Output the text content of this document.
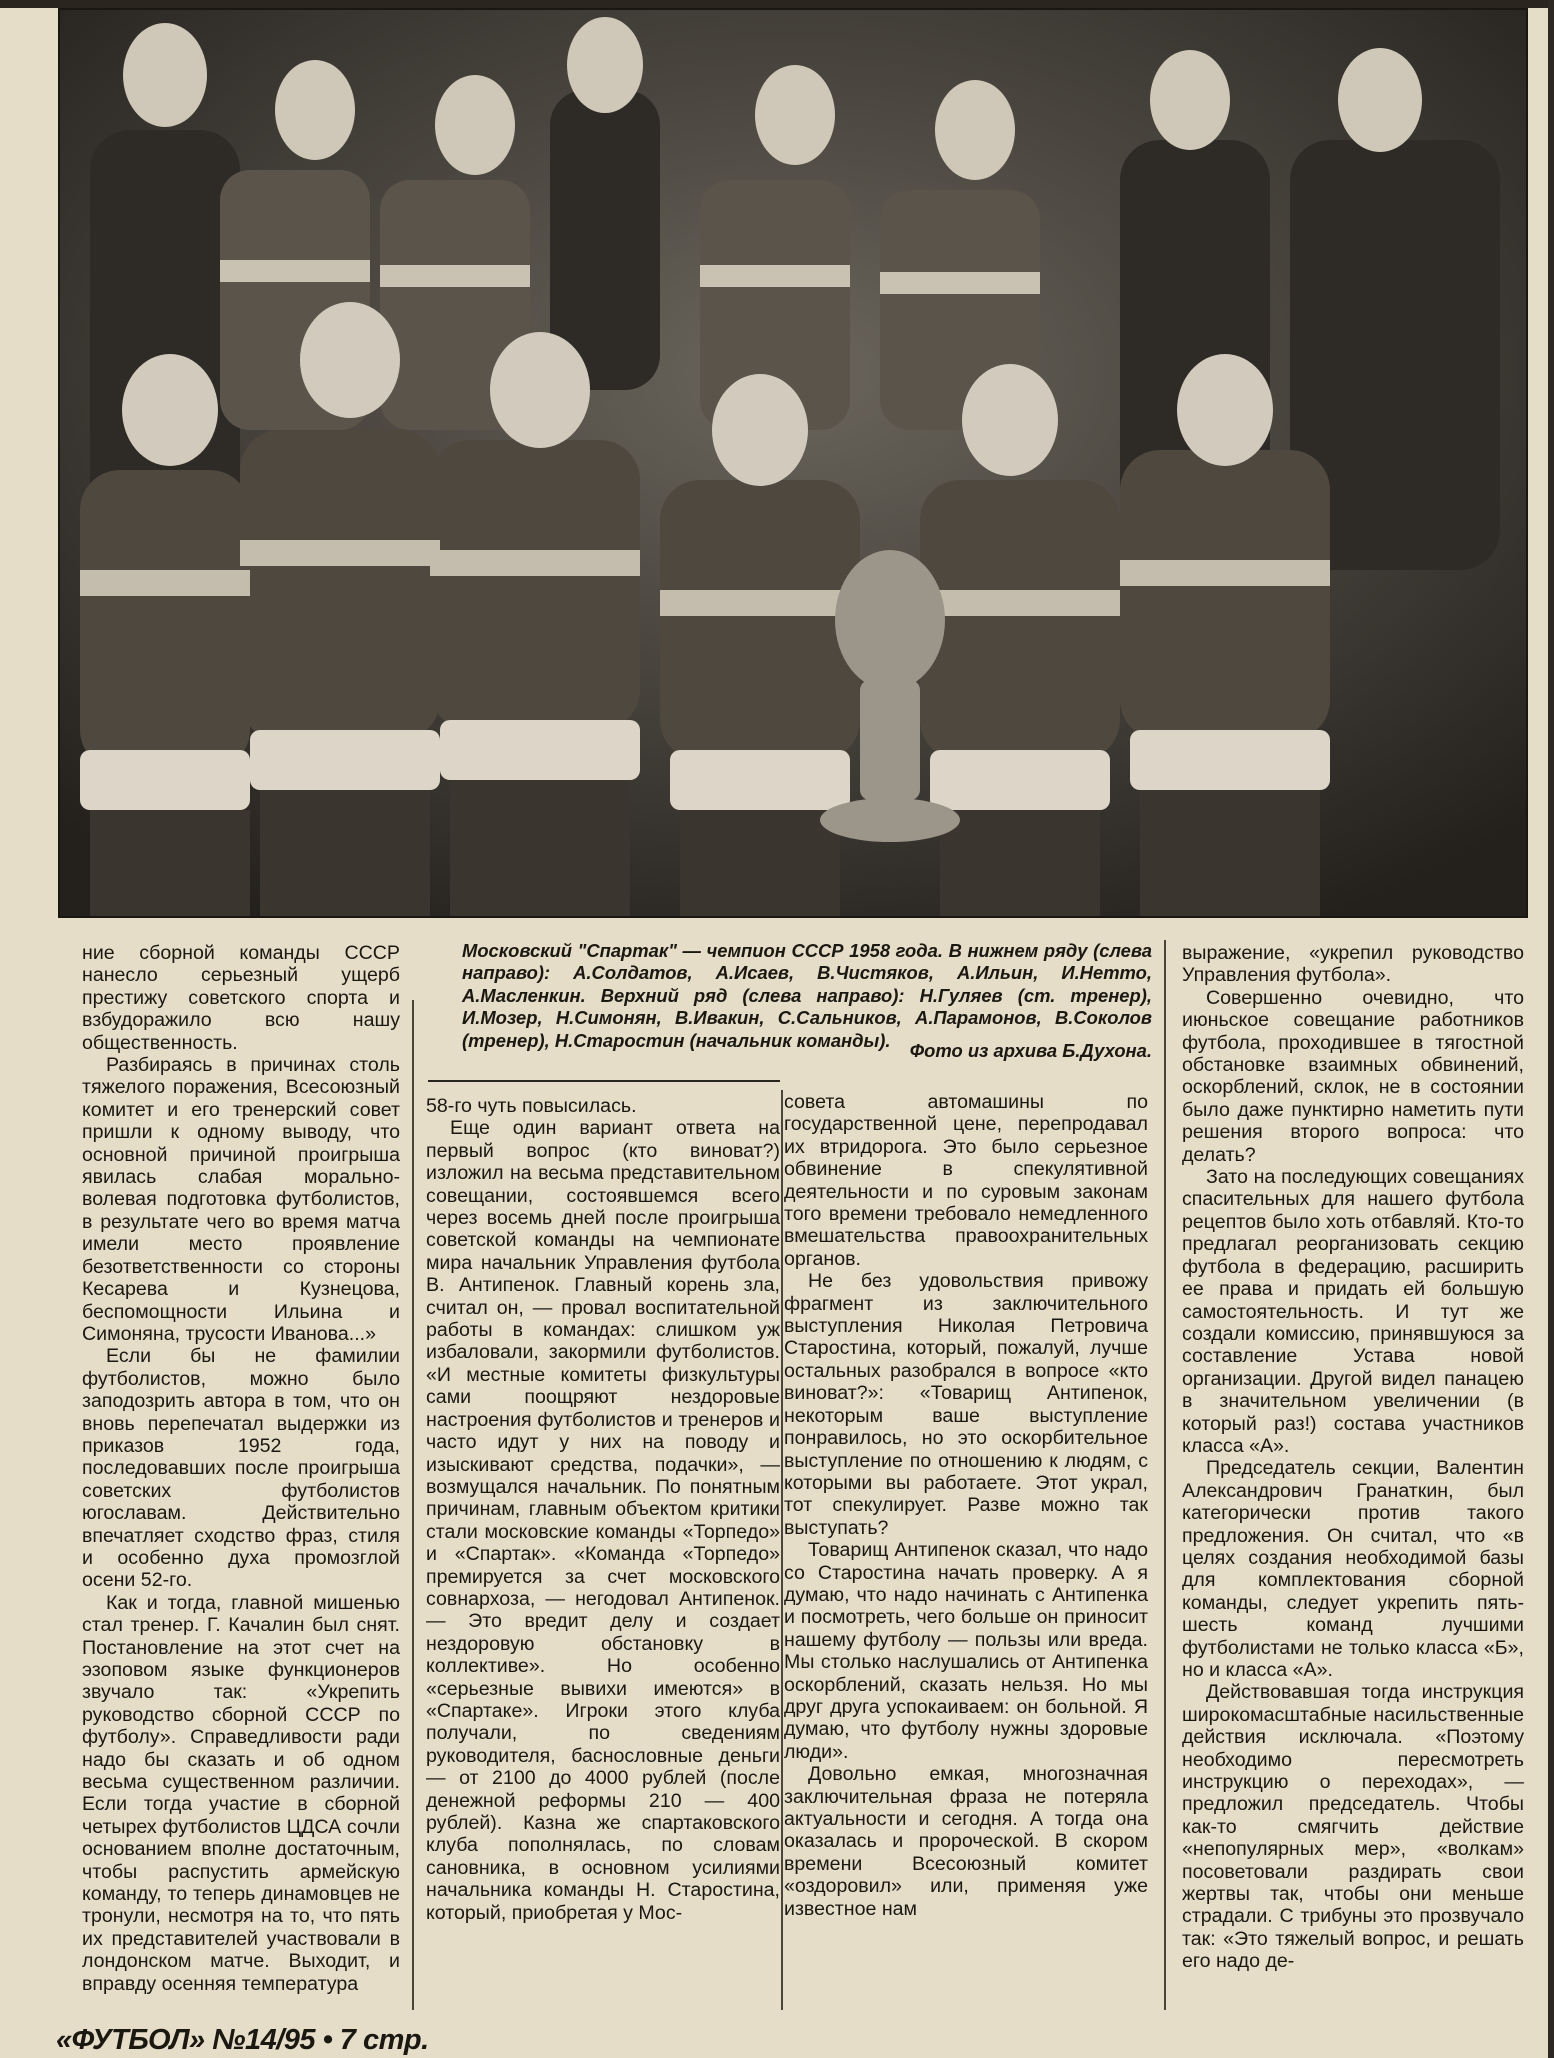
ние сборной команды СССР нанесло серьезный ущерб престижу советского спорта и взбудоражило всю нашу общественность.

Разбираясь в причинах столь тяжелого поражения, Всесоюзный комитет и его тренерский совет пришли к одному выводу, что основной причиной проигрыша явилась слабая морально-волевая подготовка футболистов, в результате чего во время матча имели место проявление безответственности со стороны Кесарева и Кузнецова, беспомощности Ильина и Симоняна, трусости Иванова...»

Если бы не фамилии футболистов, можно было заподозрить автора в том, что он вновь перепечатал выдержки из приказов 1952 года, последовавших после проигрыша советских футболистов югославам. Действительно впечатляет сходство фраз, стиля и особенно духа промозглой осени 52-го.

Как и тогда, главной мишенью стал тренер. Г. Качалин был снят. Постановление на этот счет на эзоповом языке функционеров звучало так: «Укрепить руководство сборной СССР по футболу». Справедливости ради надо бы сказать и об одном весьма существенном различии. Если тогда участие в сборной четырех футболистов ЦДСА сочли основанием вполне достаточным, чтобы распустить армейскую команду, то теперь динамовцев не тронули, несмотря на то, что пять их представителей участвовали в лондонском матче. Выходит, и вправду осенняя температура

Московский "Спартак" — чемпион СССР 1958 года. В нижнем ряду (слева направо): А.Солдатов, А.Исаев, В.Чистяков, А.Ильин, И.Нетто, А.Масленкин. Верхний ряд (слева направо): Н.Гуляев (ст. тренер), И.Мозер, Н.Симонян, В.Ивакин, С.Сальников, А.Парамонов, В.Соколов (тренер), Н.Старостин (начальник команды).	Фото из архива Б.Духона.

58-го чуть повысилась.

Еще один вариант ответа на первый вопрос (кто виноват?) изложил на весьма представительном совещании, состоявшемся всего через восемь дней после проигрыша советской команды на чемпионате мира начальник Управления футбола В. Антипенок. Главный корень зла, считал он, — провал воспитательной работы в командах: слишком уж избаловали, закормили футболистов. «И местные комитеты физкультуры сами поощряют нездоровые настроения футболистов и тренеров и часто идут у них на поводу и изыскивают средства, подачки», — возмущался начальник. По понятным причинам, главным объектом критики стали московские команды «Торпедо» и «Спартак». «Команда «Торпедо» премируется за счет московского совнархоза, — негодовал Антипенок. — Это вредит делу и создает нездоровую обстановку в коллективе». Но особенно «серьезные вывихи имеются» в «Спартаке». Игроки этого клуба получали, по сведениям руководителя, баснословные деньги — от 2100 до 4000 рублей (после денежной реформы 210 — 400 рублей). Казна же спартаковского клуба пополнялась, по словам сановника, в основном усилиями начальника команды Н. Старостина, который, приобретая у Мос-

совета автомашины по государственной цене, перепродавал их втридорога. Это было серьезное обвинение в спекулятивной деятельности и по суровым законам того времени требовало немедленного вмешательства правоохранительных органов.

Не без удовольствия привожу фрагмент из заключительного выступления Николая Петровича Старостина, который, пожалуй, лучше остальных разобрался в вопросе «кто виноват?»: «Товарищ Антипенок, некоторым ваше выступление понравилось, но это оскорбительное выступление по отношению к людям, с которыми вы работаете. Этот украл, тот спекулирует. Разве можно так выступать?

Товарищ Антипенок сказал, что надо со Старостина начать проверку. А я думаю, что надо начинать с Антипенка и посмотреть, чего больше он приносит нашему футболу — пользы или вреда. Мы столько наслушались от Антипенка оскорблений, сказать нельзя. Но мы друг друга успокаиваем: он больной. Я думаю, что футболу нужны здоровые люди».

Довольно емкая, многозначная заключительная фраза не потеряла актуальности и сегодня. А тогда она оказалась и пророческой. В скором времени Всесоюзный комитет «оздоровил» или, применяя уже известное нам

выражение, «укрепил руководство Управления футбола».

Совершенно очевидно, что июньское совещание работников футбола, проходившее в тягостной обстановке взаимных обвинений, оскорблений, склок, не в состоянии было даже пунктирно наметить пути решения второго вопроса: что делать?

Зато на последующих совещаниях спасительных для нашего футбола рецептов было хоть отбавляй. Кто-то предлагал реорганизовать секцию футбола в федерацию, расширить ее права и придать ей большую самостоятельность. И тут же создали комиссию, принявшуюся за составление Устава новой организации. Другой видел панацею в значительном увеличении (в который раз!) состава участников класса «А».

Председатель секции, Валентин Александрович Гранаткин, был категорически против такого предложения. Он считал, что «в целях создания необходимой базы для комплектования сборной команды, следует укрепить пять-шесть команд лучшими футболистами не только класса «Б», но и класса «А».

Действовавшая тогда инструкция широкомасштабные насильственные действия исключала. «Поэтому необходимо пересмотреть инструкцию о переходах», — предложил председатель. Чтобы как-то смягчить действие «непопулярных мер», «волкам» посоветовали раздирать свои жертвы так, чтобы они меньше страдали. С трибуны это прозвучало так: «Это тяжелый вопрос, и решать его надо де-

«ФУТБОЛ» №14/95 • 7 стр.
